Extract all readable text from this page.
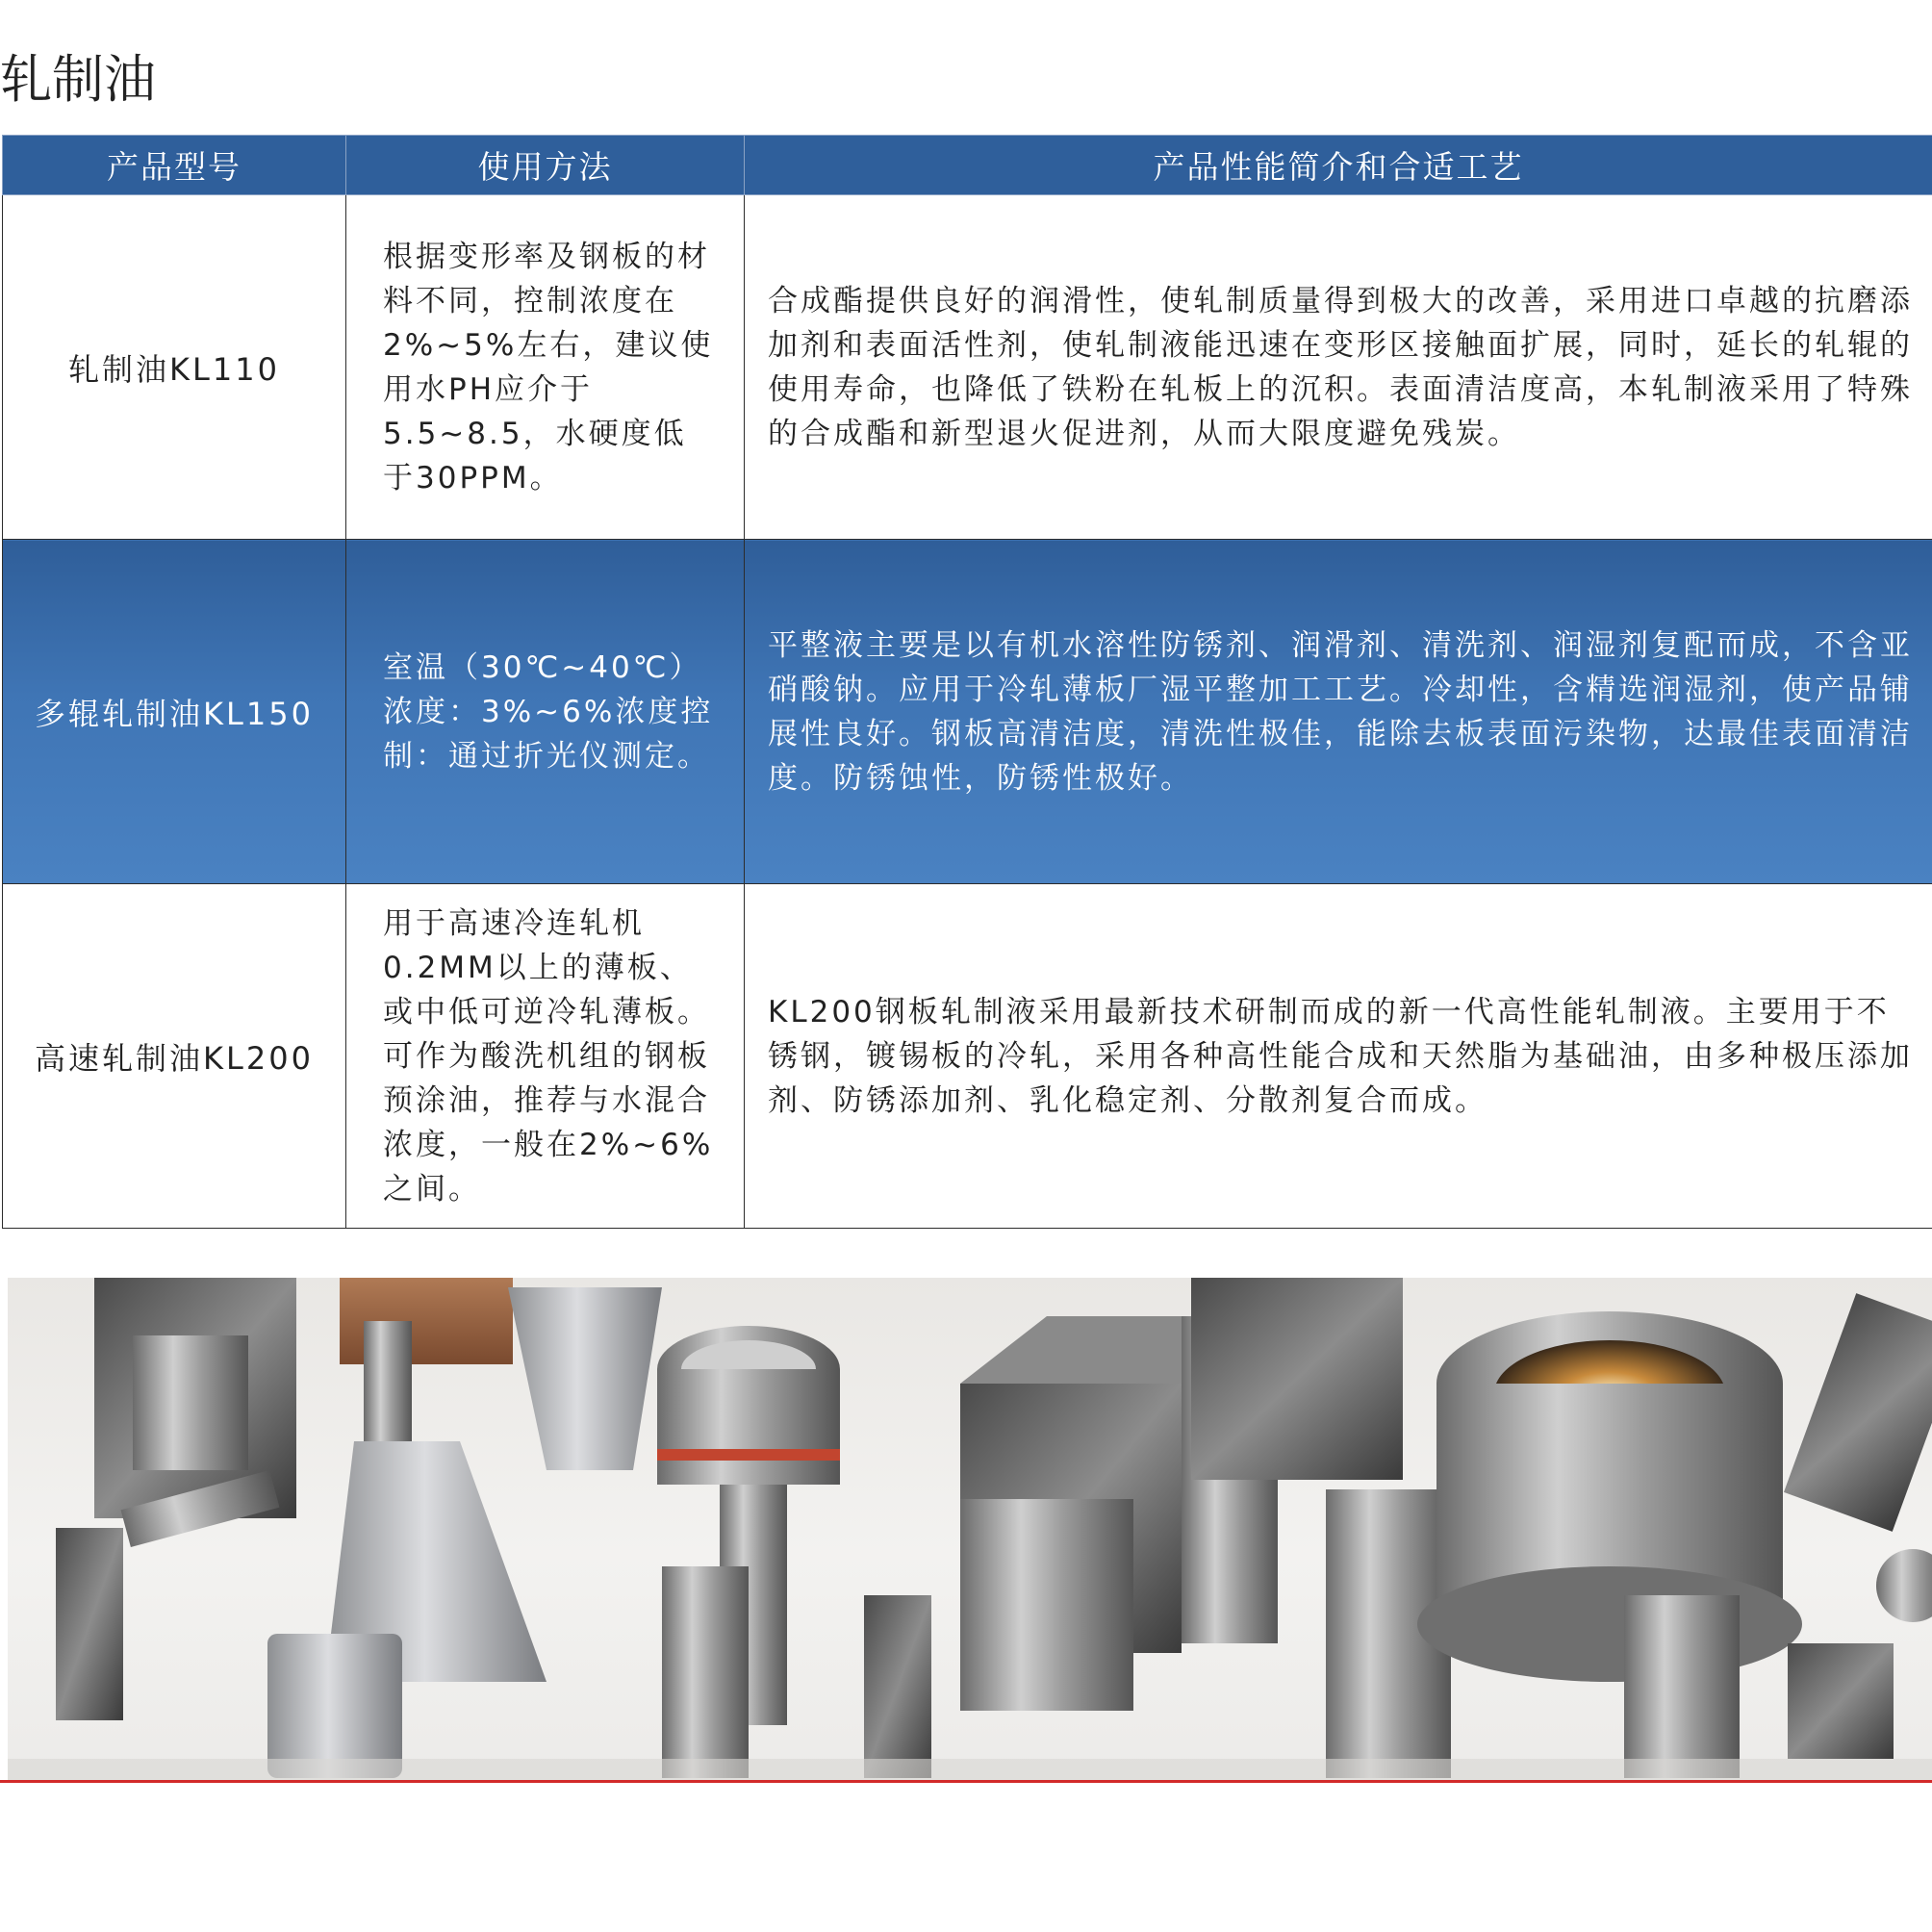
轧制油
产品型号	使用方法	产品性能简介和合适工艺
轧制油KL110	根据变形率及钢板的材料不同，控制浓度在2%~5%左右，建议使用水PH应介于5.5~8.5，水硬度低于30PPM。	合成酯提供良好的润滑性，使轧制质量得到极大的改善，采用进口卓越的抗磨添加剂和表面活性剂，使轧制液能迅速在变形区接触面扩展，同时，延长的轧辊的使用寿命，也降低了铁粉在轧板上的沉积。表面清洁度高，本轧制液采用了特殊的合成酯和新型退火促进剂，从而大限度避免残炭。

多辊轧制油KL150	室温（30℃~40℃）浓度：3%~6%浓度控制：通过折光仪测定。	平整液主要是以有机水溶性防锈剂、润滑剂、清洗剂、润湿剂复配而成，不含亚硝酸钠。应用于冷轧薄板厂湿平整加工工艺。冷却性，含精选润湿剂，使产品铺展性良好。钢板高清洁度，清洗性极佳，能除去板表面污染物，达最佳表面清洁度。防锈蚀性，防锈性极好。

高速轧制油KL200	用于高速冷连轧机0.2MM以上的薄板、或中低可逆冷轧薄板。可作为酸洗机组的钢板预涂油，推荐与水混合浓度，一般在2%~6%之间。	KL200钢板轧制液采用最新技术研制而成的新一代高性能轧制液。主要用于不锈钢，镀锡板的冷轧，采用各种高性能合成和天然脂为基础油，由多种极压添加剂、防锈添加剂、乳化稳定剂、分散剂复合而成。
